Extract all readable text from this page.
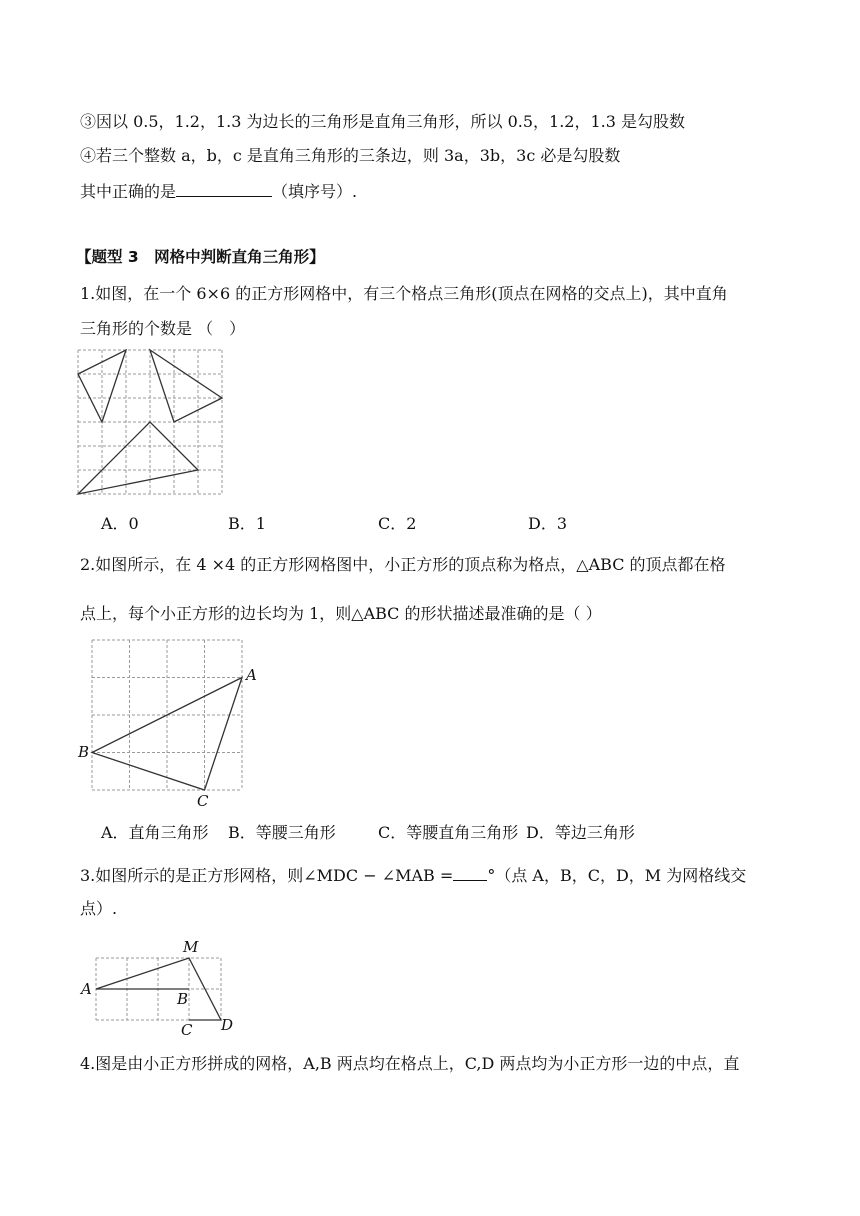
③因以 0.5，1.2，1.3 为边长的三角形是直角三角形，所以 0.5，1.2，1.3 是勾股数
④若三个整数 a，b，c 是直角三角形的三条边，则 3a，3b，3c 必是勾股数
其中正确的是	（填序号）.
【题型 3　网格中判断直角三角形】
1.如图，在一个 6×6 的正方形网格中，有三个格点三角形(顶点在网格的交点上)，其中直角
三角形的个数是 （　）
A．0	B．1	C．2	D．3
2.如图所示，在 4 ×4 的正方形网格图中，小正方形的顶点称为格点，△ABC 的顶点都在格
点上，每个小正方形的边长均为 1，则△ABC 的形状描述最准确的是（ ）
A
B
C
A．直角三角形 B．等腰三角形	C．等腰直角三角形 D．等边三角形
3.如图所示的是正方形网格，则∠MDC − ∠MAB = °（点 A，B，C，D，M 为网格线交
点）.
M
A
B
C D
4.图是由小正方形拼成的网格，A,B 两点均在格点上，C,D 两点均为小正方形一边的中点，直
